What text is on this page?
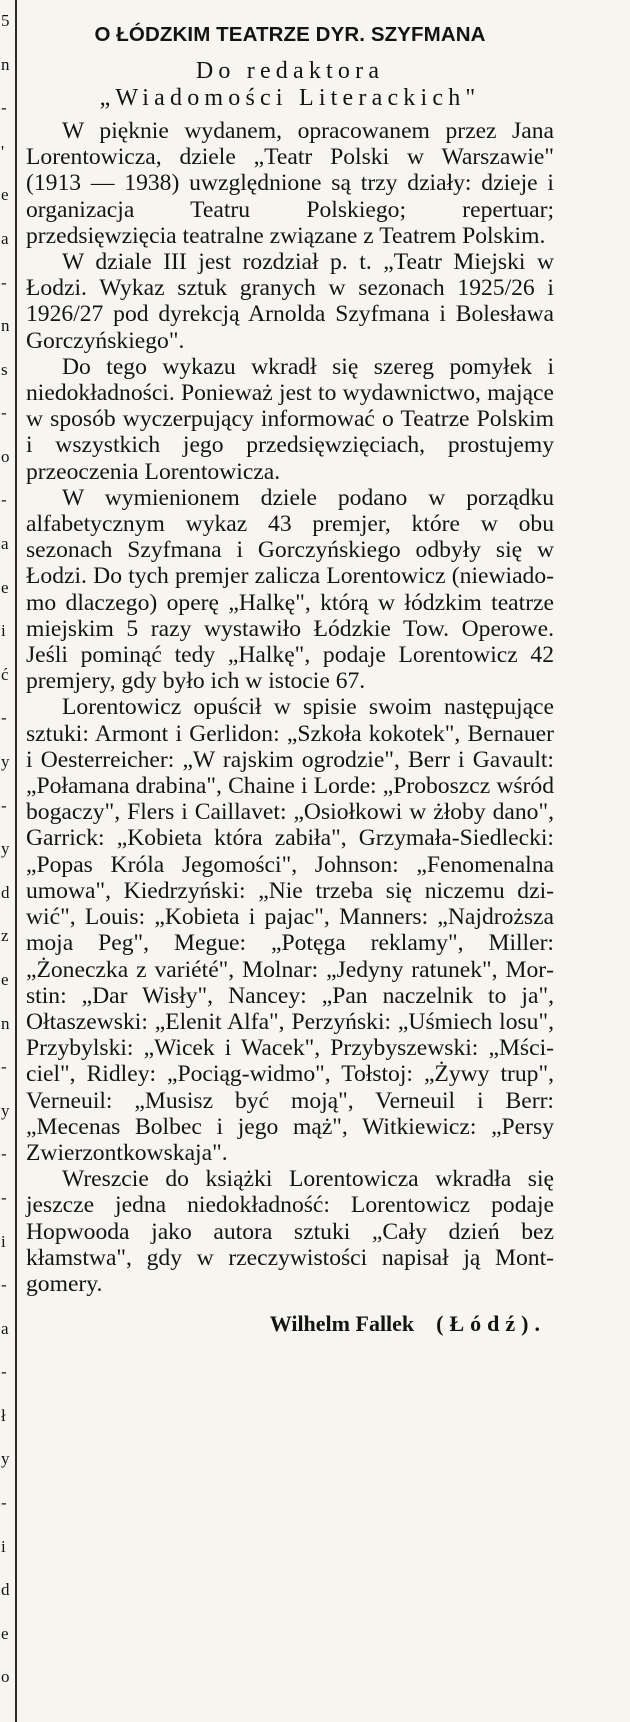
5
n
-
'
e
a
-
n
s
-
o
-
a
e
i
ć
-
y
-
y
d
z
e
n
-
y
-
-
i
-
a
-
ł
y
-
i
d
e
o
O ŁÓDZKIM TEATRZE DYR. SZYFMANA
Do redaktora
„Wiadomości Literackich"

W pięknie wydanem, opracowanem przez Jana Lorentowicza, dziele „Teatr Polski w Warszawie" (1913 — 1938) uwzględnione są trzy działy: dzieje i organizacja Teatru Polskiego; repertuar; przedsięwzięcia teatralne związane z Teatrem Polskim.

W dziale III jest rozdział p. t. „Teatr Miejski w Łodzi. Wykaz sztuk granych w sezonach 1925/26 i 1926/27 pod dyrekcją Arnolda Szyfmana i Bolesława Gorczyńskiego".

Do tego wykazu wkradł się szereg pomyłek i niedokładności. Ponieważ jest to wydawnictwo, mające w sposób wyczerpujący informować o Teatrze Polskim i wszystkich jego przedsięwzięciach, prostujemy przeoczenia Lorentowicza.

W wymienionem dziele podano w porządku alfabetycznym wykaz 43 premjer, które w obu sezonach Szyfmana i Gorczyńskiego odbyły się w Łodzi. Do tych premjer zalicza Lorentowicz (niewiadomo dlaczego) operę „Halkę", którą w łódzkim teatrze miejskim 5 razy wystawiło Łódzkie Tow. Operowe. Jeśli pominąć tedy „Halkę", podaje Lorentowicz 42 premjery, gdy było ich w istocie 67.

Lorentowicz opuścił w spisie swoim następujące sztuki: Armont i Gerlidon: „Szkoła kokotek", Bernauer i Oesterreicher: „W rajskim ogrodzie", Berr i Gavault: „Połamana drabina", Chaine i Lorde: „Proboszcz wśród bogaczy", Flers i Caillavet: „Osiołkowi w żłoby dano", Garrick: „Kobieta która zabiła", Grzymała-Siedlecki: „Popas Króla Jegomości", Johnson: „Fenomenalna umowa", Kiedrzyński: „Nie trzeba się niczemu dziwić", Louis: „Kobieta i pajac", Manners: „Najdroższa moja Peg", Megue: „Potęga reklamy", Miller: „Żoneczka z variété", Molnar: „Jedyny ratunek", Morstin: „Dar Wisły", Nancey: „Pan naczelnik to ja", Ołtaszewski: „Elenit Alfa", Perzyński: „Uśmiech losu", Przybylski: „Wicek i Wacek", Przybyszewski: „Mściciel", Ridley: „Pociąg-widmo", Tołstoj: „Żywy trup", Verneuil: „Musisz być moją", Verneuil i Berr: „Mecenas Bolbec i jego mąż", Witkiewicz: „Persy Zwierzontkowskaja".

Wreszcie do książki Lorentowicza wkradła się jeszcze jedna niedokładność: Lorentowicz podaje Hopwooda jako autora sztuki „Cały dzień bez kłamstwa", gdy w rzeczywistości napisał ją Montgomery.

Wilhelm Fallek (Łódź).
